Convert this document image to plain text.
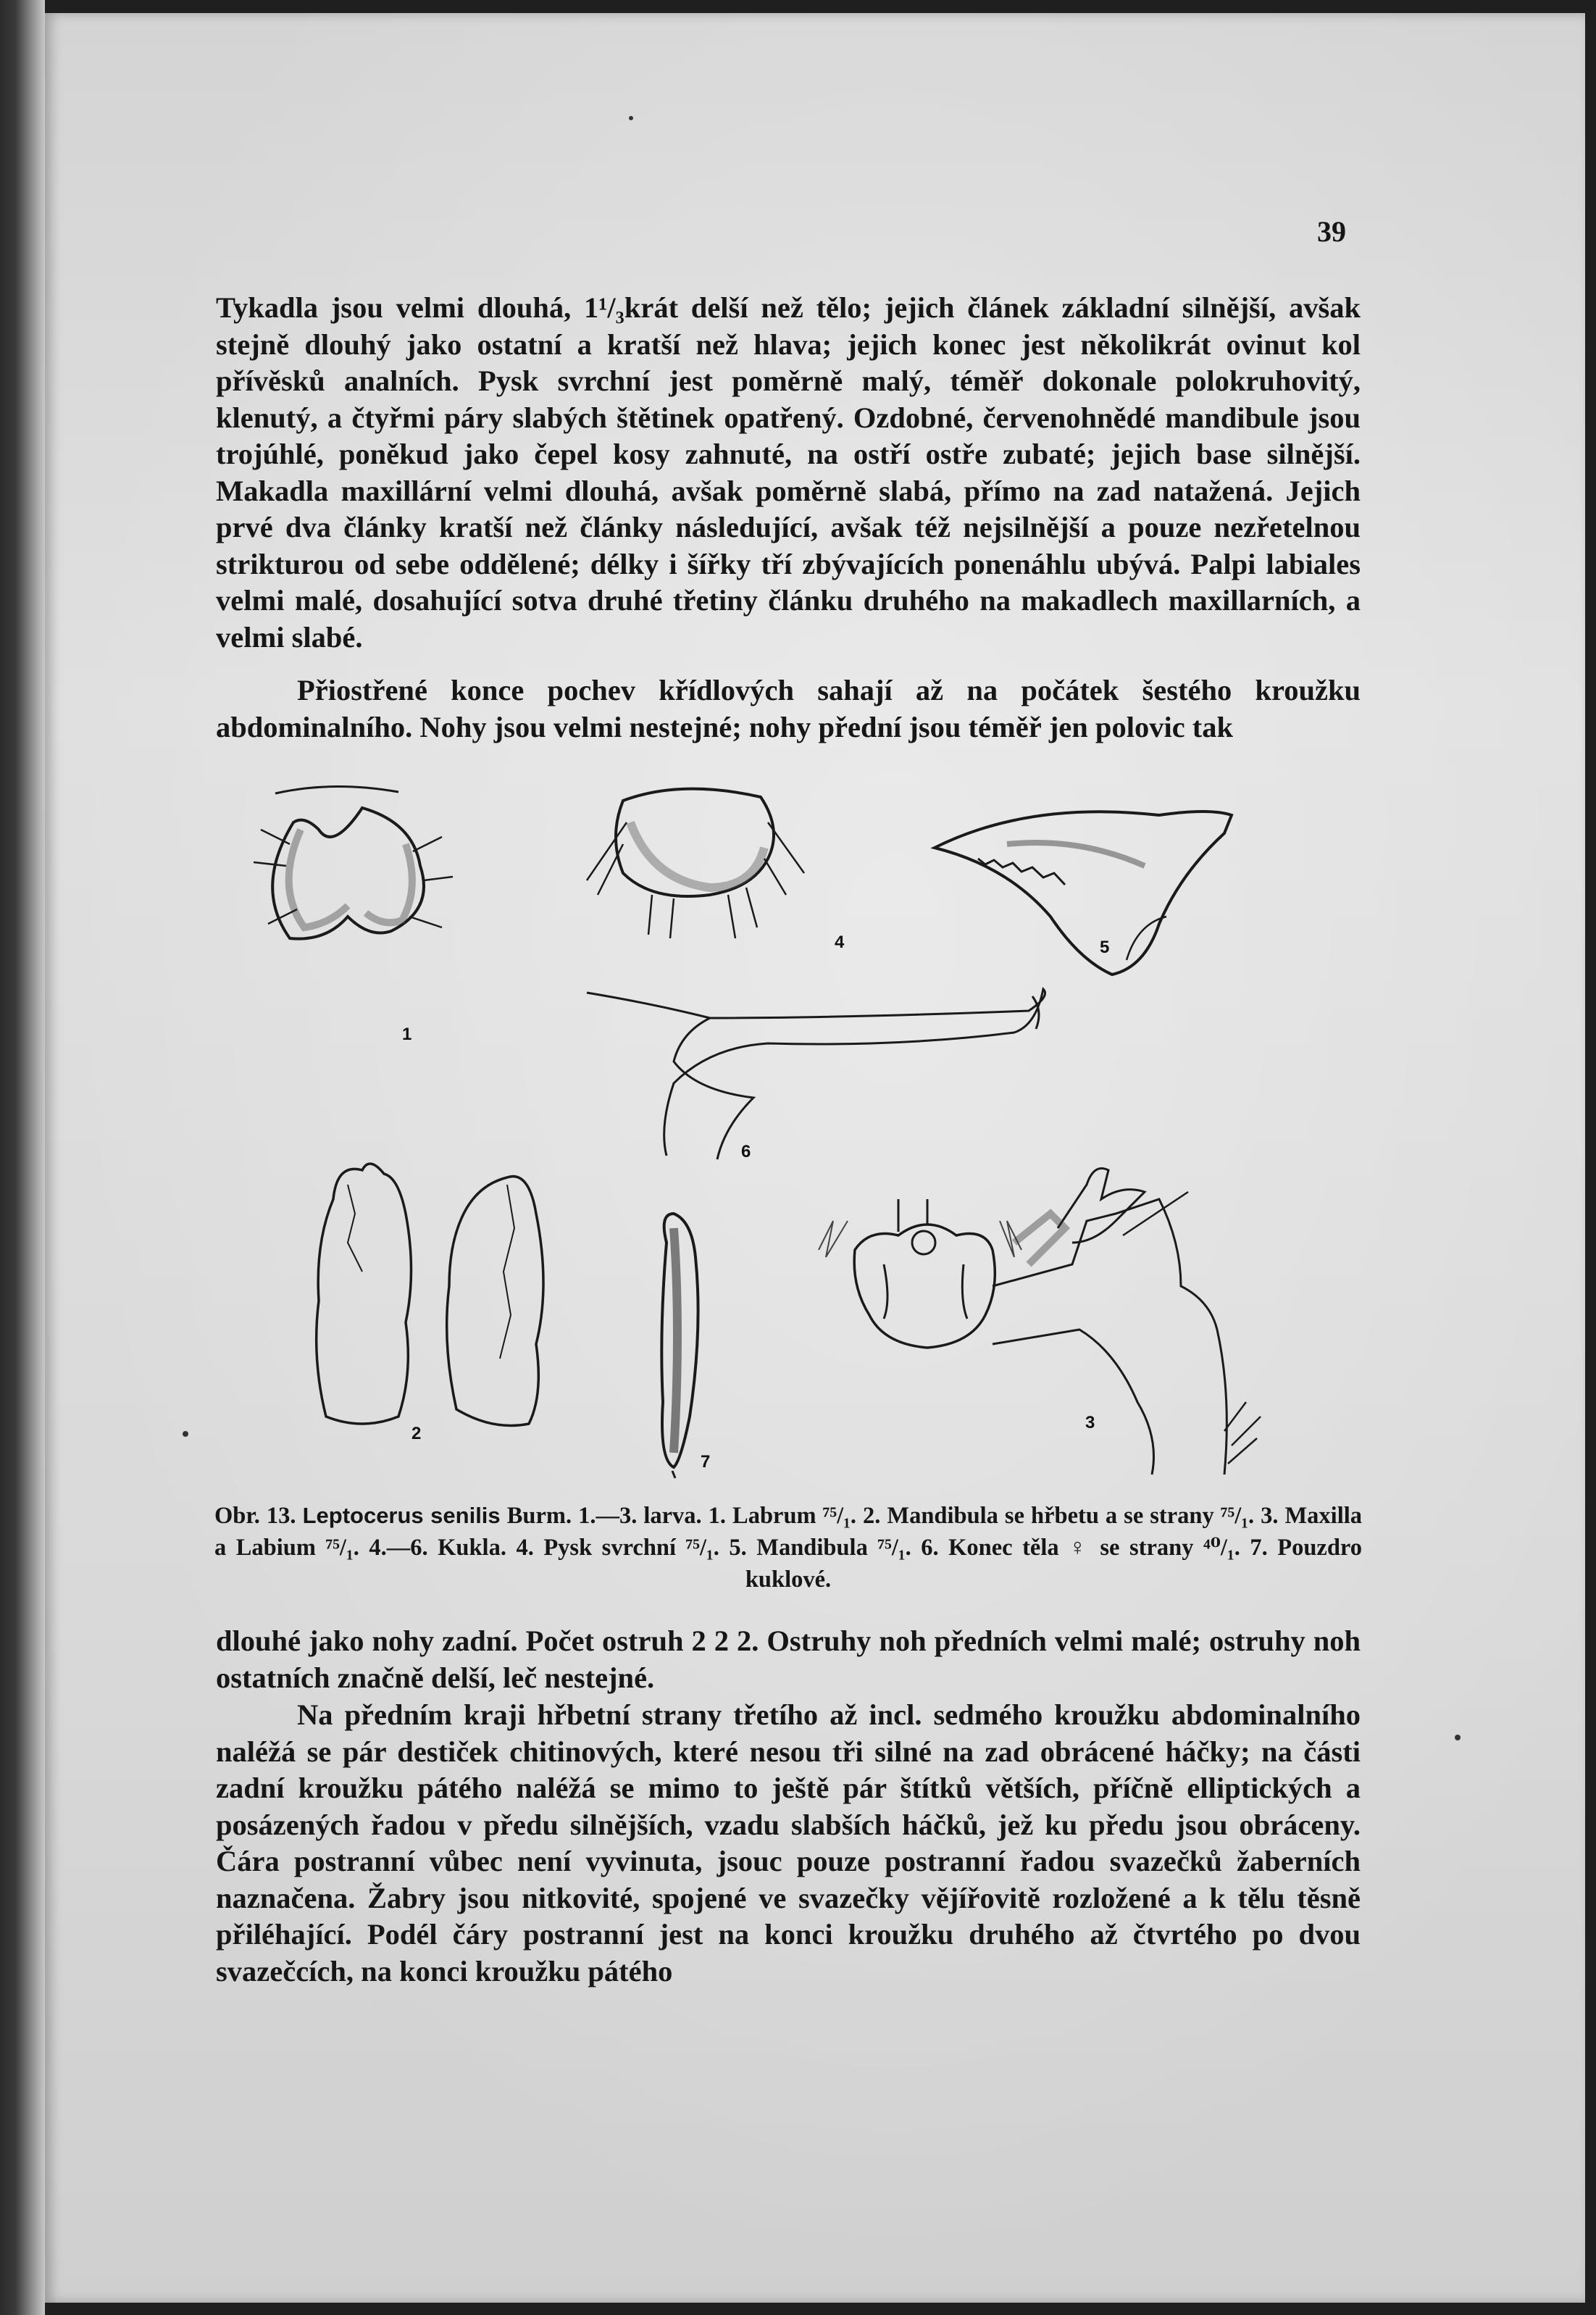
39

Tykadla jsou velmi dlouhá, 1¹/₃krát delší než tělo; jejich článek základní silnější, avšak stejně dlouhý jako ostatní a kratší než hlava; jejich konec jest několikrát ovinut kol přívěsků analních. Pysk svrchní jest poměrně malý, téměř dokonale polokruhovitý, klenutý, a čtyřmi páry slabých štětinek opatřený. Ozdobné, červenohnědé mandibule jsou trojúhlé, poněkud jako čepel kosy zahnuté, na ostří ostře zubaté; jejich base silnější. Makadla maxillární velmi dlouhá, avšak poměrně slabá, přímo na zad natažená. Jejich prvé dva články kratší než články následující, avšak též nejsilnější a pouze nezřetelnou strikturou od sebe oddělené; délky i šířky tří zbývajících ponenáhlu ubývá. Palpi labiales velmi malé, dosahující sotva druhé třetiny článku druhého na makadlech maxillarních, a velmi slabé.

Přiostřené konce pochev křídlových sahají až na počátek šestého kroužku abdominalního. Nohy jsou velmi nestejné; nohy přední jsou téměř jen polovic tak

1
4	5
6
2
7
3

Obr. 13. Leptocerus senilis Burm. 1.—3. larva. 1. Labrum ⁷⁵/₁. 2. Mandibula se hřbetu a se strany ⁷⁵/₁. 3. Maxilla a Labium ⁷⁵/₁. 4.—6. Kukla. 4. Pysk svrchní ⁷⁵/₁. 5. Mandibula ⁷⁵/₁. 6. Konec těla ♀ se strany ⁴⁰/₁. 7. Pouzdro kuklové.

dlouhé jako nohy zadní. Počet ostruh 2 2 2. Ostruhy noh předních velmi malé; ostruhy noh ostatních značně delší, leč nestejné.

Na předním kraji hřbetní strany třetího až incl. sedmého kroužku abdominalního naléžá se pár destiček chitinových, které nesou tři silné na zad obrácené háčky; na části zadní kroužku pátého naléžá se mimo to ještě pár štítků větších, příčně elliptických a posázených řadou v předu silnějších, vzadu slabších háčků, jež ku předu jsou obráceny. Čára postranní vůbec není vyvinuta, jsouc pouze postranní řadou svazečků žaberních naznačena. Žabry jsou nitkovité, spojené ve svazečky vějířovitě rozložené a k tělu těsně přiléhající. Podél čáry postranní jest na konci kroužku druhého až čtvrtého po dvou svazečcích, na konci kroužku pátého
